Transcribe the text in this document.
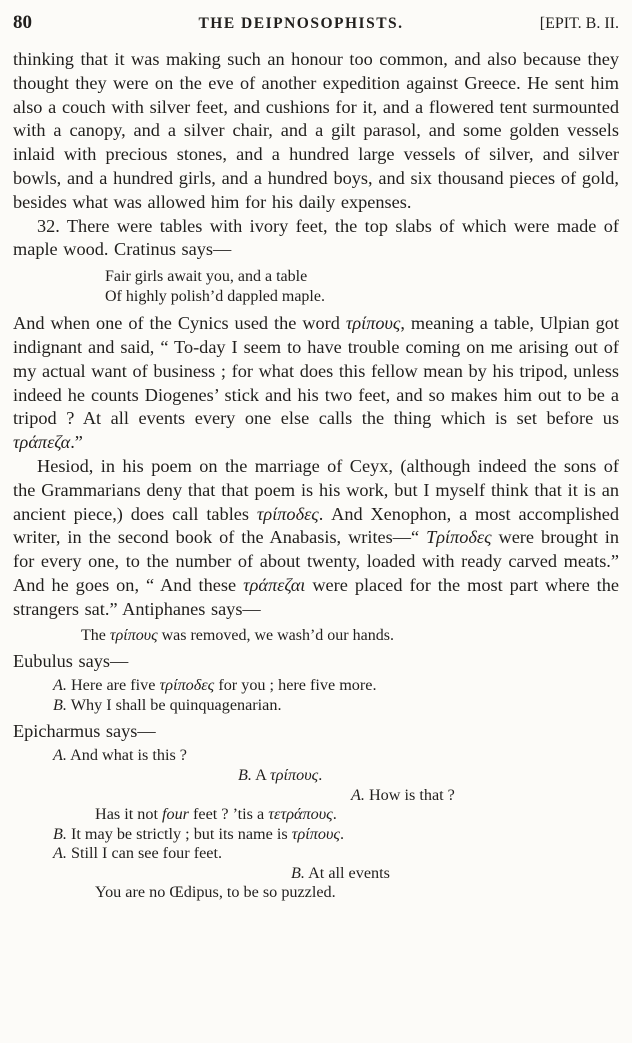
80	THE DEIPNOSOPHISTS.	[EPIT. B. II.

thinking that it was making such an honour too common, and also because they thought they were on the eve of another expedition against Greece. He sent him also a couch with silver feet, and cushions for it, and a flowered tent surmounted with a canopy, and a silver chair, and a gilt parasol, and some golden vessels inlaid with precious stones, and a hundred large vessels of silver, and silver bowls, and a hundred girls, and a hundred boys, and six thousand pieces of gold, besides what was allowed him for his daily expenses.

32. There were tables with ivory feet, the top slabs of which were made of maple wood. Cratinus says—

Fair girls await you, and a table

Of highly polish’d dappled maple.

And when one of the Cynics used the word τρίπους, meaning a table, Ulpian got indignant and said, “ To-day I seem to have trouble coming on me arising out of my actual want of business ; for what does this fellow mean by his tripod, unless indeed he counts Diogenes’ stick and his two feet, and so makes him out to be a tripod ? At all events every one else calls the thing which is set before us τράπεζα.”

Hesiod, in his poem on the marriage of Ceyx, (although indeed the sons of the Grammarians deny that that poem is his work, but I myself think that it is an ancient piece,) does call tables τρίποδες. And Xenophon, a most accomplished writer, in the second book of the Anabasis, writes—“ Τρίποδες were brought in for every one, to the number of about twenty, loaded with ready carved meats.” And he goes on, “ And these τράπεζαι were placed for the most part where the strangers sat.” Antiphanes says—

The τρίπους was removed, we wash’d our hands.

Eubulus says—

A. Here are five τρίποδες for you ; here five more.

B. Why I shall be quinquagenarian.

Epicharmus says—

A. And what is this ?

B. A τρίπους.

A. How is that ?

Has it not four feet ? ’tis a τετράπους.

B. It may be strictly ; but its name is τρίπους.

A. Still I can see four feet.

B. At all events

You are no Œdipus, to be so puzzled.
